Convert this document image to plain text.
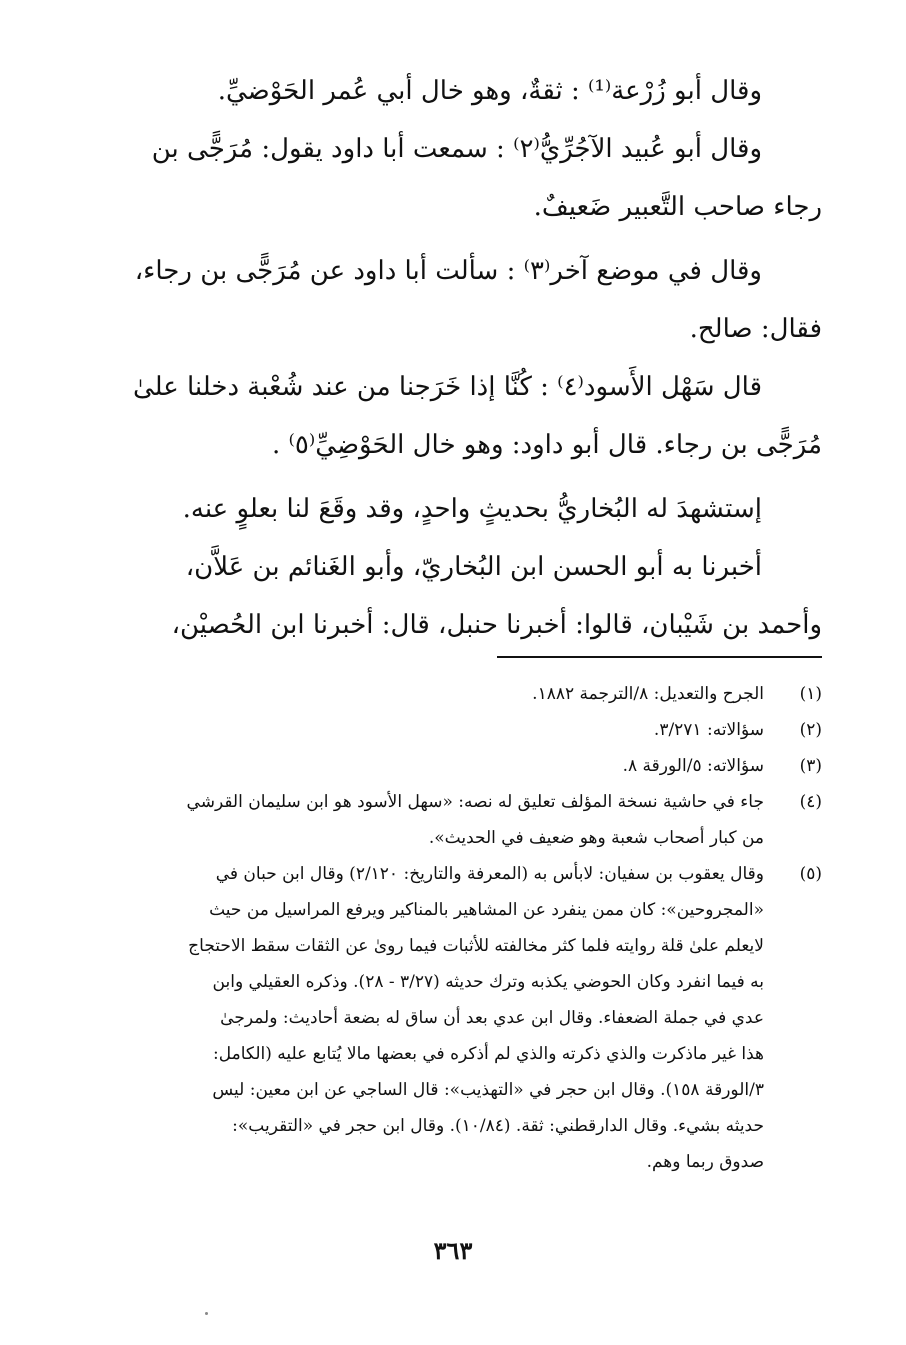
وقال أبو زُرْعة⁽¹⁾ : ثقةٌ، وهو خال أبي عُمر الحَوْضيِّ.
وقال أبو عُبيد الآجُرِّيُّ⁽٢⁾ : سمعت أبا داود يقول: مُرَجًّى بن
رجاء صاحب التَّعبير ضَعيفٌ.
وقال في موضع آخر⁽٣⁾ : سألت أبا داود عن مُرَجًّى بن رجاء،
فقال: صالح.
قال سَهْل الأَسود⁽٤⁾ : كُنَّا إذا خَرَجنا من عند شُعْبة دخلنا علىٰ
مُرَجًّى بن رجاء. قال أبو داود: وهو خال الحَوْضِيِّ⁽٥⁾ .
إستشهدَ له البُخاريُّ بحديثٍ واحدٍ، وقد وقَعَ لنا بعلوٍ عنه.
أخبرنا به أبو الحسن ابن البُخاريّ، وأبو الغَنائم بن عَلاَّن،
وأحمد بن شَيْبان، قالوا: أخبرنا حنبل، قال: أخبرنا ابن الحُصيْن،
(١)
الجرح والتعديل: ٨/الترجمة ١٨٨٢.
(٢)
سؤالاته: ٣/٢٧١.
(٣)
سؤالاته: ٥/الورقة ٨.
(٤)
جاء في حاشية نسخة المؤلف تعليق له نصه: «سهل الأسود هو ابن سليمان القرشي
من كبار أصحاب شعبة وهو ضعيف في الحديث».
(٥)
وقال يعقوب بن سفيان: لابأس به (المعرفة والتاريخ: ٢/١٢٠) وقال ابن حبان في
«المجروحين»: كان ممن ينفرد عن المشاهير بالمناكير ويرفع المراسيل من حيث
لايعلم علىٰ قلة روايته فلما كثر مخالفته للأثبات فيما روىٰ عن الثقات سقط الاحتجاج
به فيما انفرد وكان الحوضي يكذبه وترك حديثه (٣/٢٧ - ٢٨). وذكره العقيلي وابن
عدي في جملة الضعفاء. وقال ابن عدي بعد أن ساق له بضعة أحاديث: ولمرجىٰ
هذا غير ماذكرت والذي ذكرته والذي لم أذكره في بعضها مالا يُتابع عليه (الكامل:
٣/الورقة ١٥٨). وقال ابن حجر في «التهذيب»: قال الساجي عن ابن معين: ليس
حديثه بشيء. وقال الدارقطني: ثقة. (١٠/٨٤). وقال ابن حجر في «التقريب»:
صدوق ربما وهم.
٣٦٣
